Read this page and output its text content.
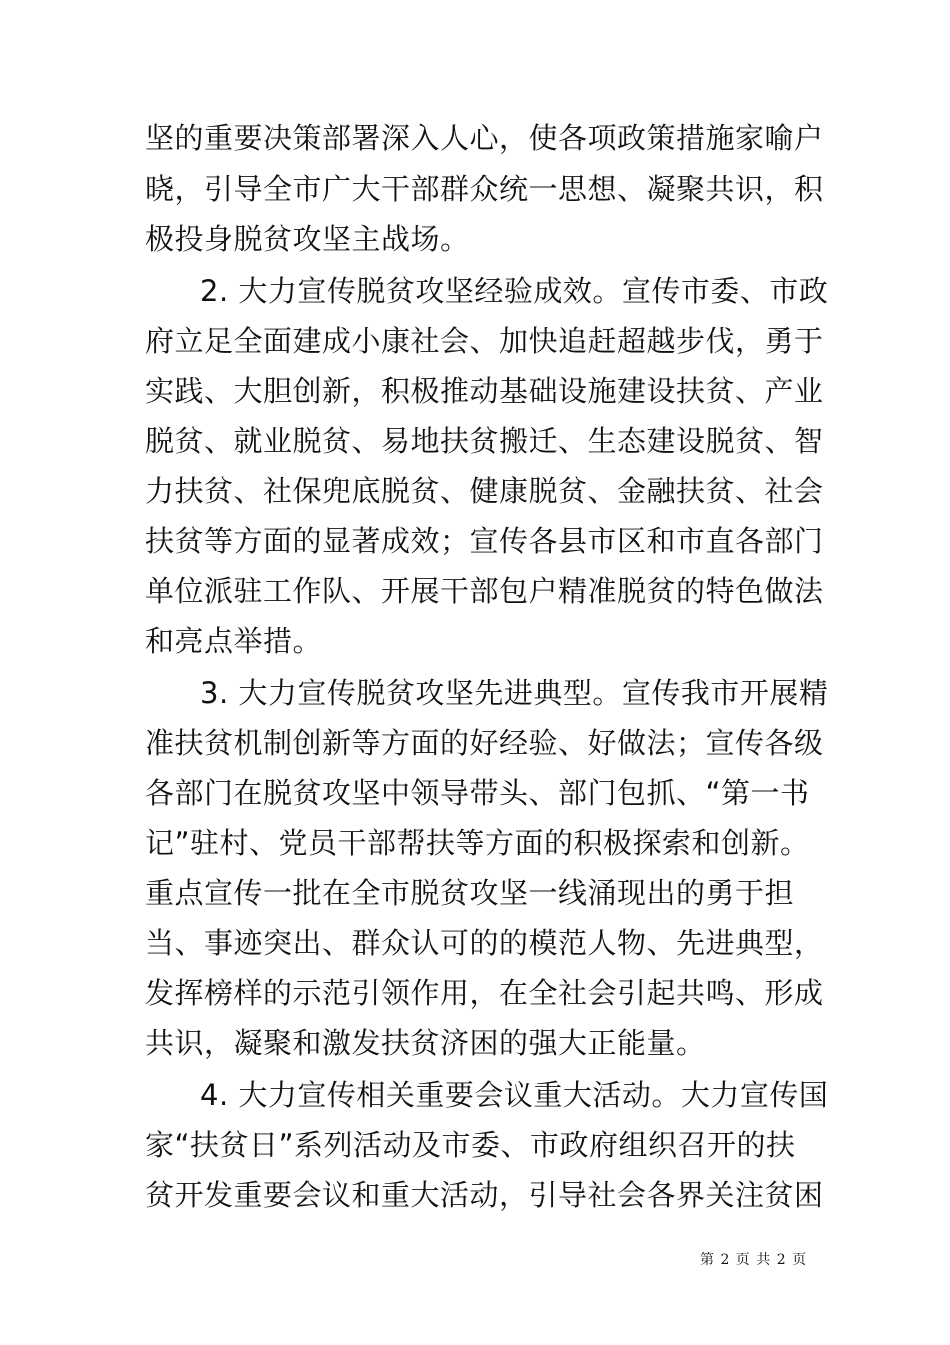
坚的重要决策部署深入人心，使各项政策措施家喻户
晓，引导全市广大干部群众统一思想、凝聚共识，积
极投身脱贫攻坚主战场。
2. 大力宣传脱贫攻坚经验成效。宣传市委、市政
府立足全面建成小康社会、加快追赶超越步伐，勇于
实践、大胆创新，积极推动基础设施建设扶贫、产业
脱贫、就业脱贫、易地扶贫搬迁、生态建设脱贫、智
力扶贫、社保兜底脱贫、健康脱贫、金融扶贫、社会
扶贫等方面的显著成效；宣传各县市区和市直各部门
单位派驻工作队、开展干部包户精准脱贫的特色做法
和亮点举措。
3. 大力宣传脱贫攻坚先进典型。宣传我市开展精
准扶贫机制创新等方面的好经验、好做法；宣传各级
各部门在脱贫攻坚中领导带头、部门包抓、“第一书
记”驻村、党员干部帮扶等方面的积极探索和创新。
重点宣传一批在全市脱贫攻坚一线涌现出的勇于担
当、事迹突出、群众认可的的模范人物、先进典型，
发挥榜样的示范引领作用，在全社会引起共鸣、形成
共识，凝聚和激发扶贫济困的强大正能量。
4. 大力宣传相关重要会议重大活动。大力宣传国
家“扶贫日”系列活动及市委、市政府组织召开的扶
贫开发重要会议和重大活动，引导社会各界关注贫困
第 2 页 共 2 页
